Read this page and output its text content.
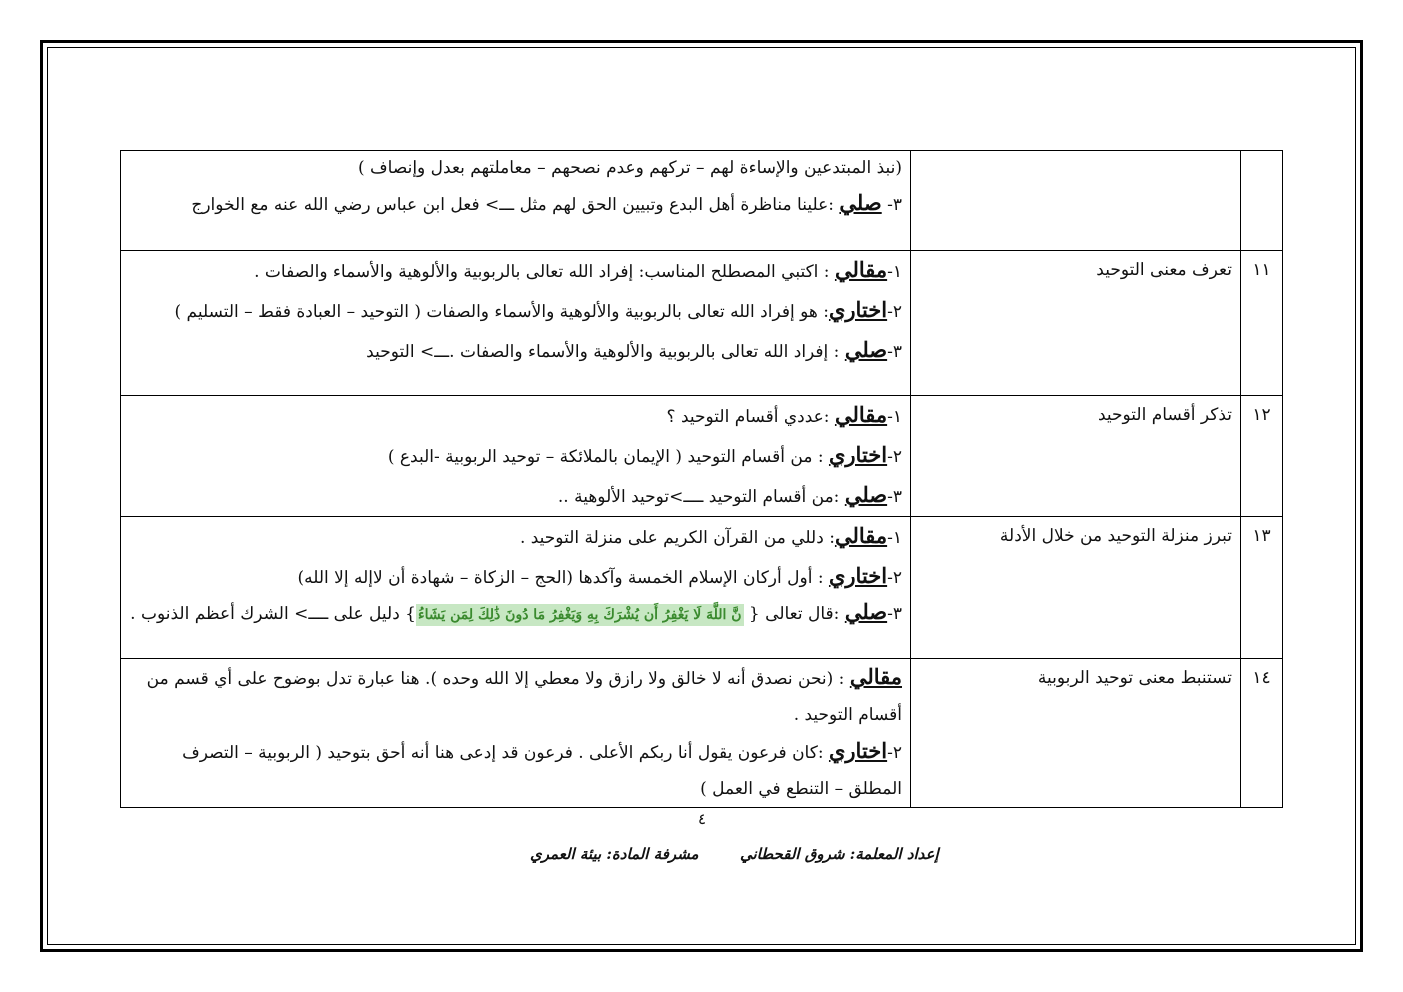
		(نبذ المبتدعين والإساءة لهم – تركهم وعدم نصحهم – معاملتهم بعدل وإنصاف )
٣- صلي :علينا مناظرة أهل البدع وتبيين الحق لهم مثل ـــ> فعل ابن عباس رضي الله عنه مع الخوارج

١١	تعرف معنى التوحيد	١-مقالي : اكتبي المصطلح المناسب: إفراد الله تعالى بالربوبية والألوهية والأسماء والصفات .
٢-اختاري: هو إفراد الله تعالى بالربوبية والألوهية والأسماء والصفات ( التوحيد – العبادة فقط – التسليم )
٣-صلي : إفراد الله تعالى بالربوبية والألوهية والأسماء والصفات .ـــ> التوحيد

١٢	تذكر أقسام التوحيد	١-مقالي :عددي أقسام التوحيد ؟
٢-اختاري : من أقسام التوحيد ( الإيمان بالملائكة – توحيد الربوبية -البدع )
٣-صلي :من أقسام التوحيد ــــ>توحيد الألوهية ..

١٣	تبرز منزلة التوحيد من خلال الأدلة	١-مقالي: دللي من القرآن الكريم على منزلة التوحيد .
٢-اختاري : أول أركان الإسلام الخمسة وآكدها (الحج – الزكاة – شهادة أن لاإله إلا الله)
٣-صلي :قال تعالى { نَّ اللَّهَ لَا يَغْفِرُ أَن يُشْرَكَ بِهِ وَيَغْفِرُ مَا دُونَ ذَٰلِكَ لِمَن يَشَاءُ} دليل على ــــ> الشرك أعظم الذنوب .

١٤	تستنبط معنى توحيد الربوبية	مقالي : (نحن نصدق أنه لا خالق ولا رازق ولا معطي إلا الله وحده ). هنا عبارة تدل بوضوح على أي قسم من أقسام التوحيد .
٢-اختاري :كان فرعون يقول أنا ربكم الأعلى . فرعون قد إدعى هنا أنه أحق بتوحيد ( الربوبية – التصرف المطلق – التنطع في العمل )
٤
إعداد المعلمة: شروق القحطاني
مشرفة المادة: بيئة العمري
